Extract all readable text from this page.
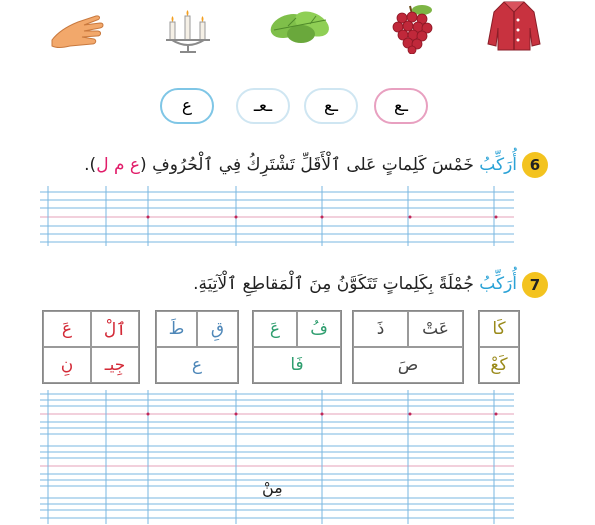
ع	ـعـ	ـع	ـع
6
أُرَكِّبُ خَمْسَ كَلِماتٍ عَلى ٱلْأَقَلِّ تَشْتَرِكُ فِي ٱلْحُرُوفِ (ع م ل).
7
أُرَكِّبُ جُمْلَةً بِكَلِماتٍ تَتَكَوَّنُ مِنَ ٱلْمَقاطِعِ ٱلْآتِيَةِ.
كَا
كَعْ
ذَ	عَتْ
صَ
عَ	فُ
فَا
طَ	قِ
ع
عَ	ٱلْ
نِ	جِيـ
مِنْ
